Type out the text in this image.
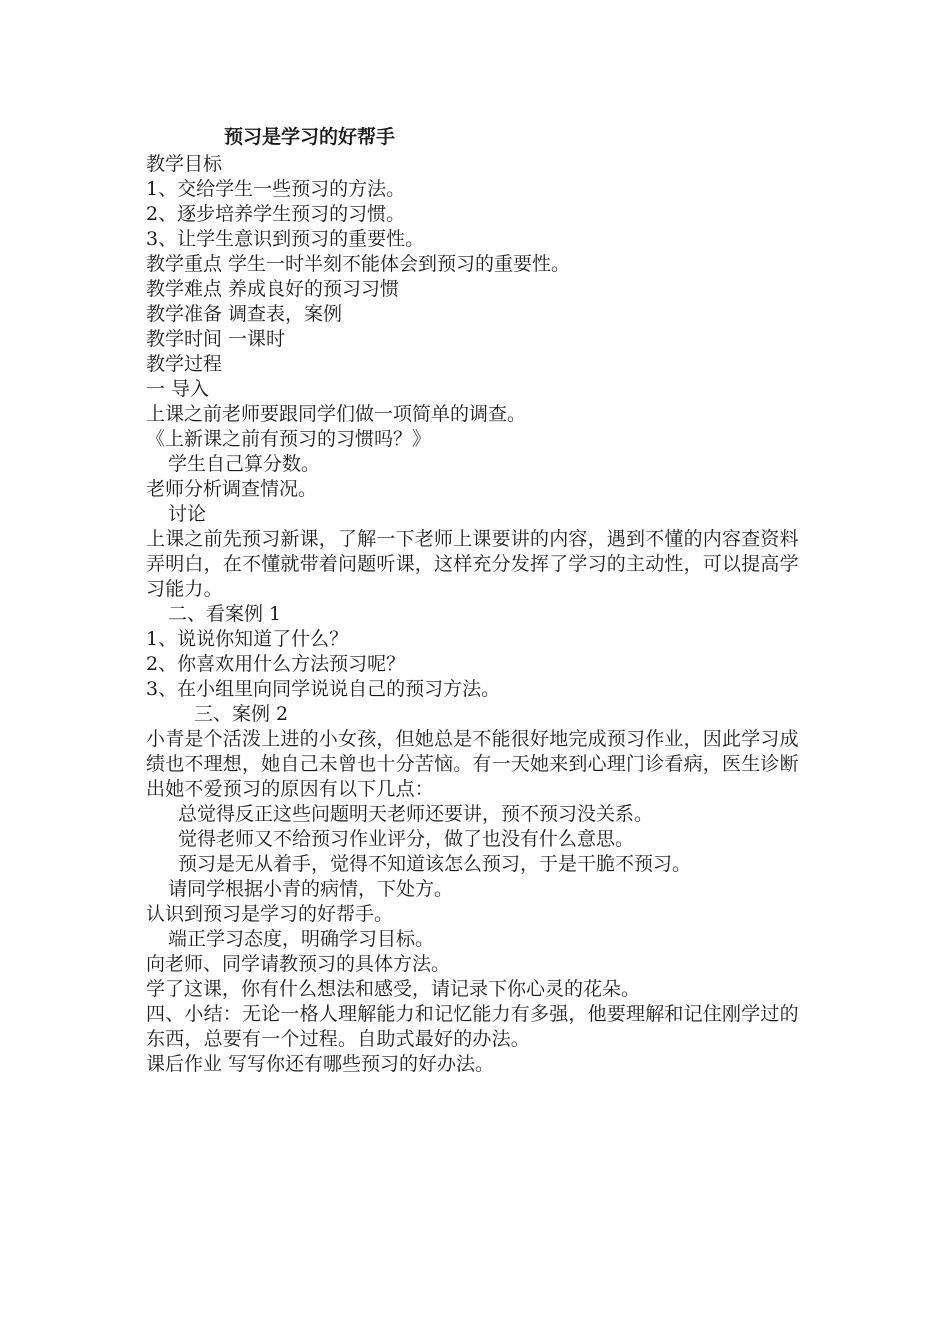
预习是学习的好帮手

教学目标

1、交给学生一些预习的方法。

2、逐步培养学生预习的习惯。

3、让学生意识到预习的重要性。

教学重点 学生一时半刻不能体会到预习的重要性。

教学难点 养成良好的预习习惯

教学准备 调查表，案例

教学时间 一课时

教学过程

一 导入

上课之前老师要跟同学们做一项简单的调查。

《上新课之前有预习的习惯吗？》

学生自己算分数。

老师分析调查情况。

讨论

上课之前先预习新课，了解一下老师上课要讲的内容，遇到不懂的内容查资料弄明白，在不懂就带着问题听课，这样充分发挥了学习的主动性，可以提高学习能力。

二、看案例 1

1、说说你知道了什么？

2、你喜欢用什么方法预习呢？

3、在小组里向同学说说自己的预习方法。

三、案例 2

小青是个活泼上进的小女孩，但她总是不能很好地完成预习作业，因此学习成绩也不理想，她自己未曾也十分苦恼。有一天她来到心理门诊看病，医生诊断出她不爱预习的原因有以下几点：

总觉得反正这些问题明天老师还要讲，预不预习没关系。

觉得老师又不给预习作业评分，做了也没有什么意思。

预习是无从着手，觉得不知道该怎么预习，于是干脆不预习。

请同学根据小青的病情，下处方。

认识到预习是学习的好帮手。

端正学习态度，明确学习目标。

向老师、同学请教预习的具体方法。

学了这课，你有什么想法和感受，请记录下你心灵的花朵。

四、小结：无论一格人理解能力和记忆能力有多强，他要理解和记住刚学过的东西，总要有一个过程。自助式最好的办法。

课后作业 写写你还有哪些预习的好办法。
